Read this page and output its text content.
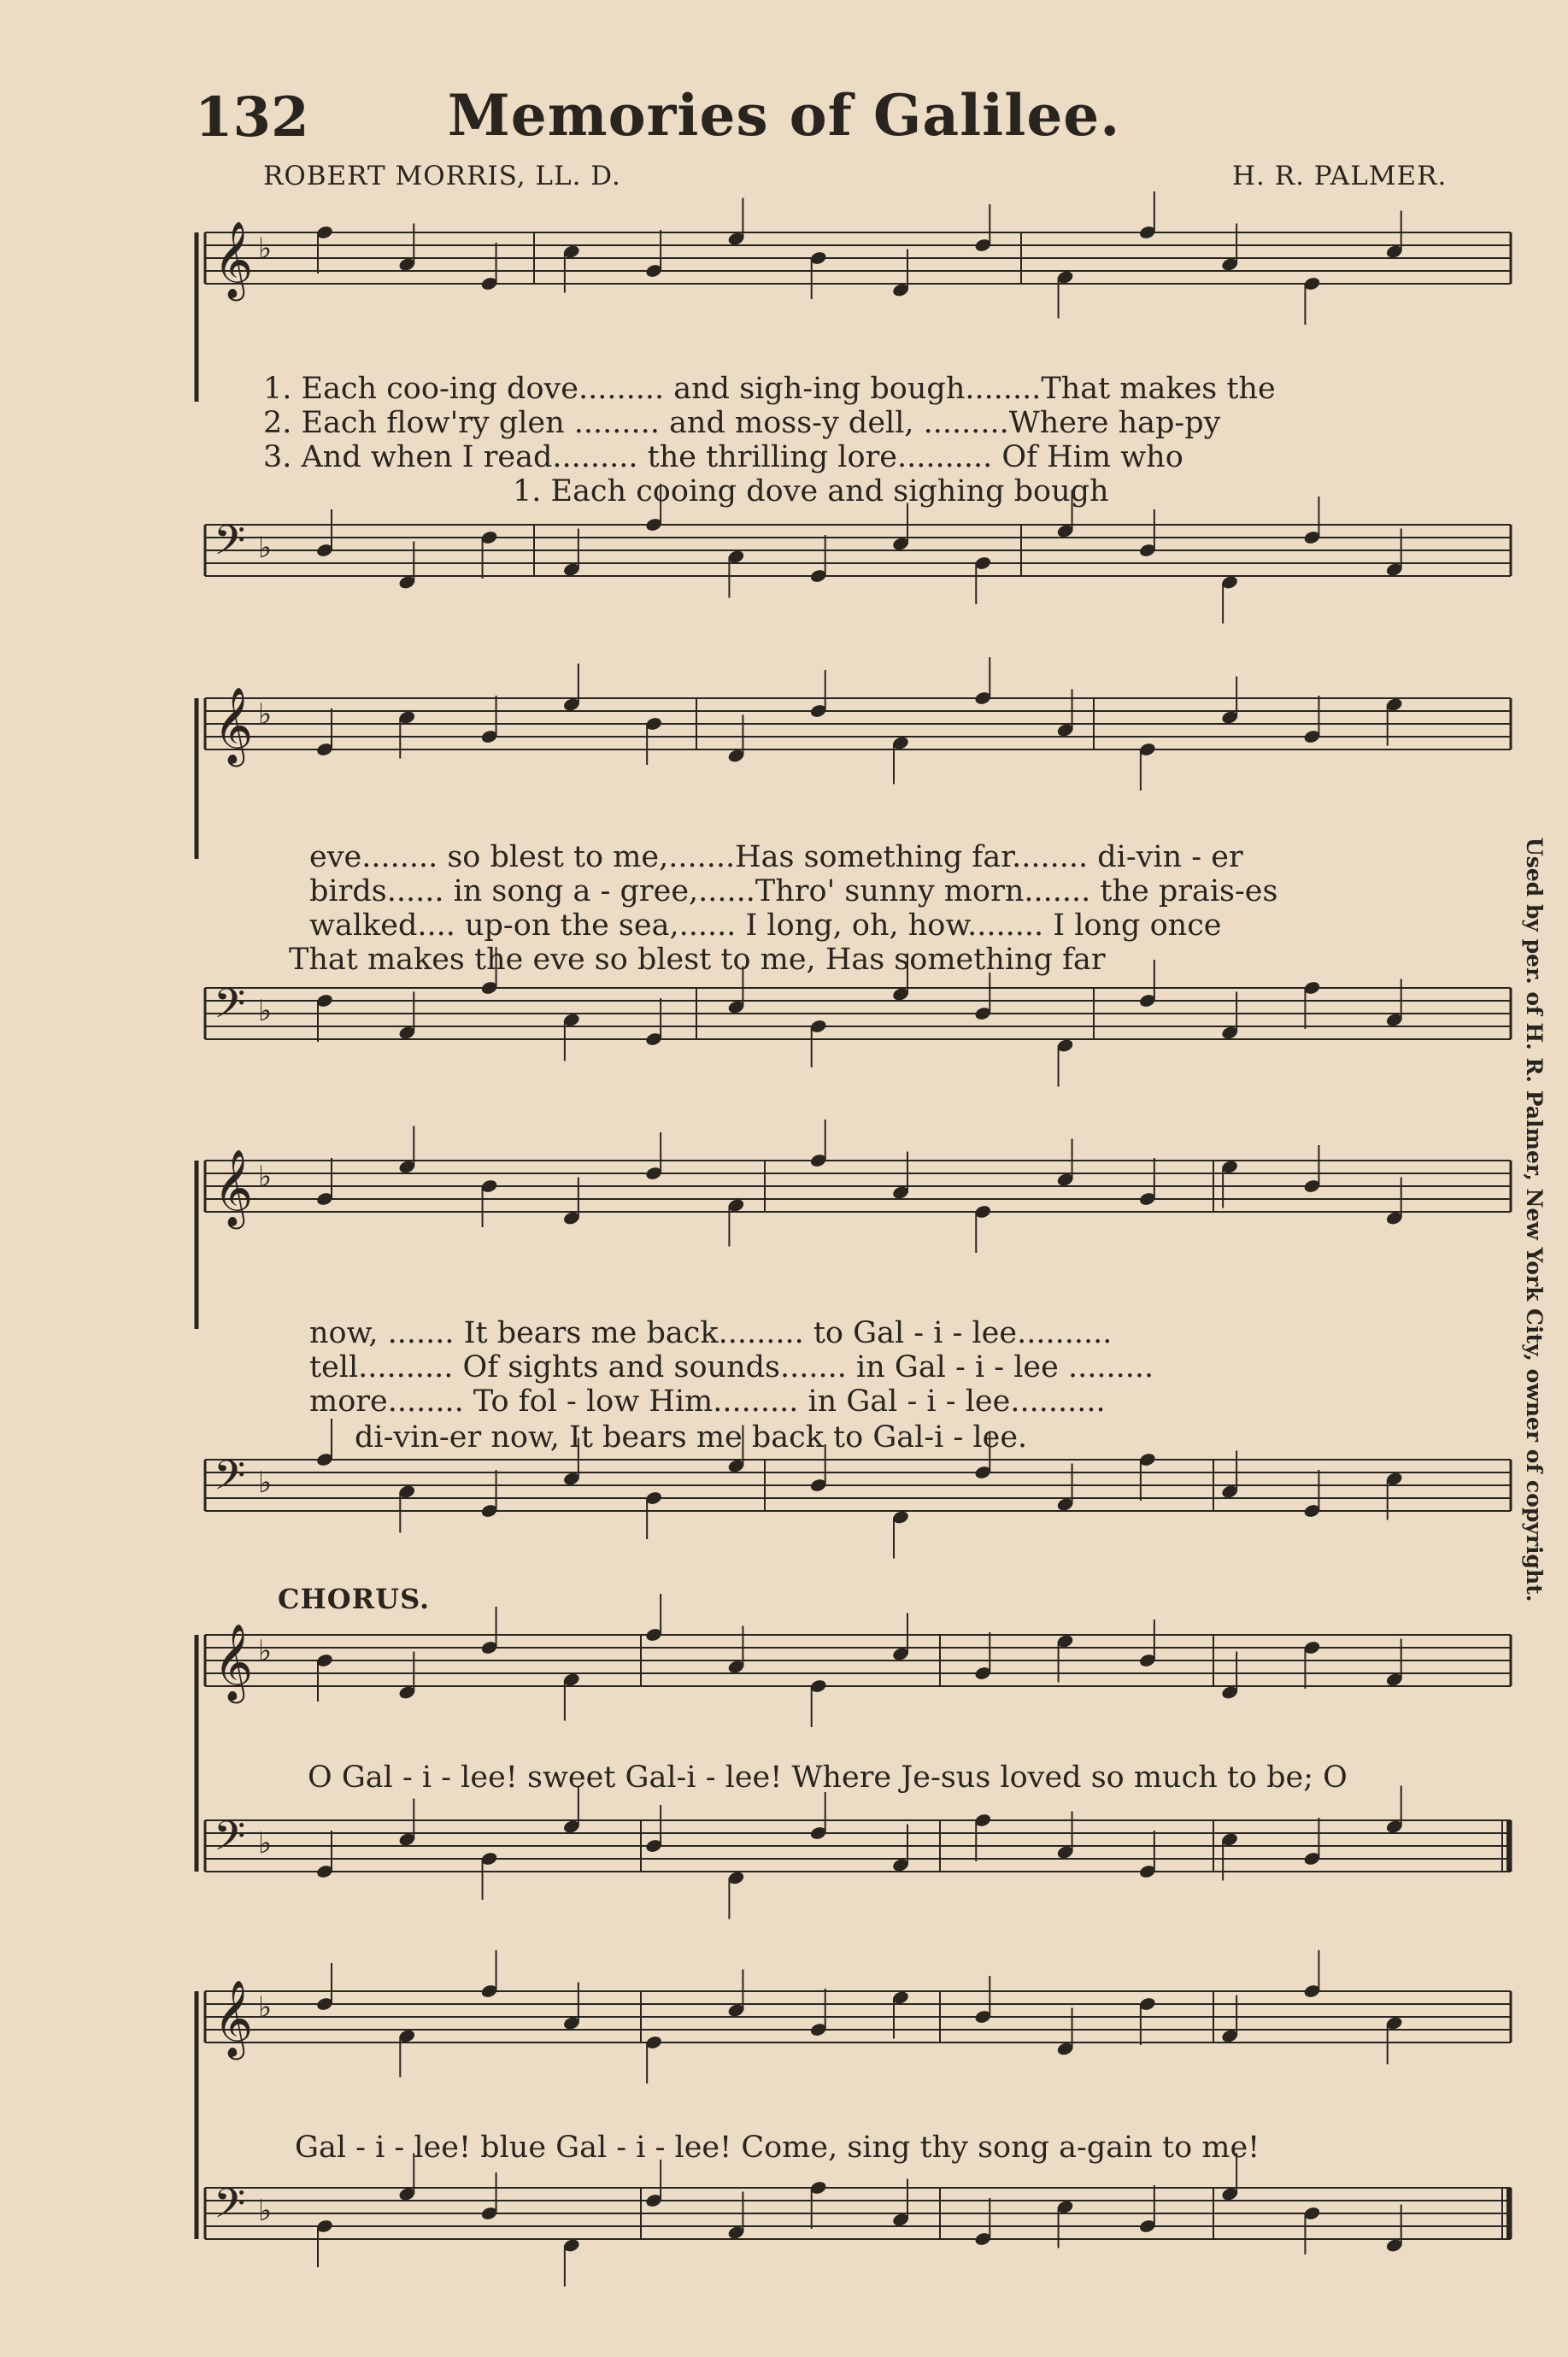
132	Memories of Galilee.
ROBERT MORRIS, LL. D.	H. R. PALMER.
𝄞 ♭
𝄢 ♭
𝄞 ♭
𝄢 ♭
𝄞 ♭
𝄢 ♭
𝄞 ♭
𝄢 ♭
𝄞 ♭
𝄢 ♭
1. Each coo-ing dove......... and sigh-ing bough........That makes the
2. Each flow'ry glen ......... and moss-y dell, .........Where hap-py
3. And when I read......... the thrilling lore.......... Of Him who
1. Each cooing dove and sighing bough
eve........ so blest to me,.......Has something far........ di-vin - er
birds...... in song a - gree,......Thro' sunny morn....... the prais-es
walked.... up-on the sea,...... I long, oh, how........ I long once
That makes the eve so blest to me, Has something far
now, ....... It bears me back......... to Gal - i - lee..........
tell.......... Of sights and sounds....... in Gal - i - lee .........
more........ To fol - low Him......... in Gal - i - lee..........
di-vin-er now, It bears me back to Gal-i - lee.
CHORUS.
O Gal - i - lee! sweet Gal-i - lee! Where Je-sus loved so much to be; O
Gal - i - lee! blue Gal - i - lee! Come, sing thy song a-gain to me!
Used by per. of H. R. Palmer, New York City, owner of copyright.
